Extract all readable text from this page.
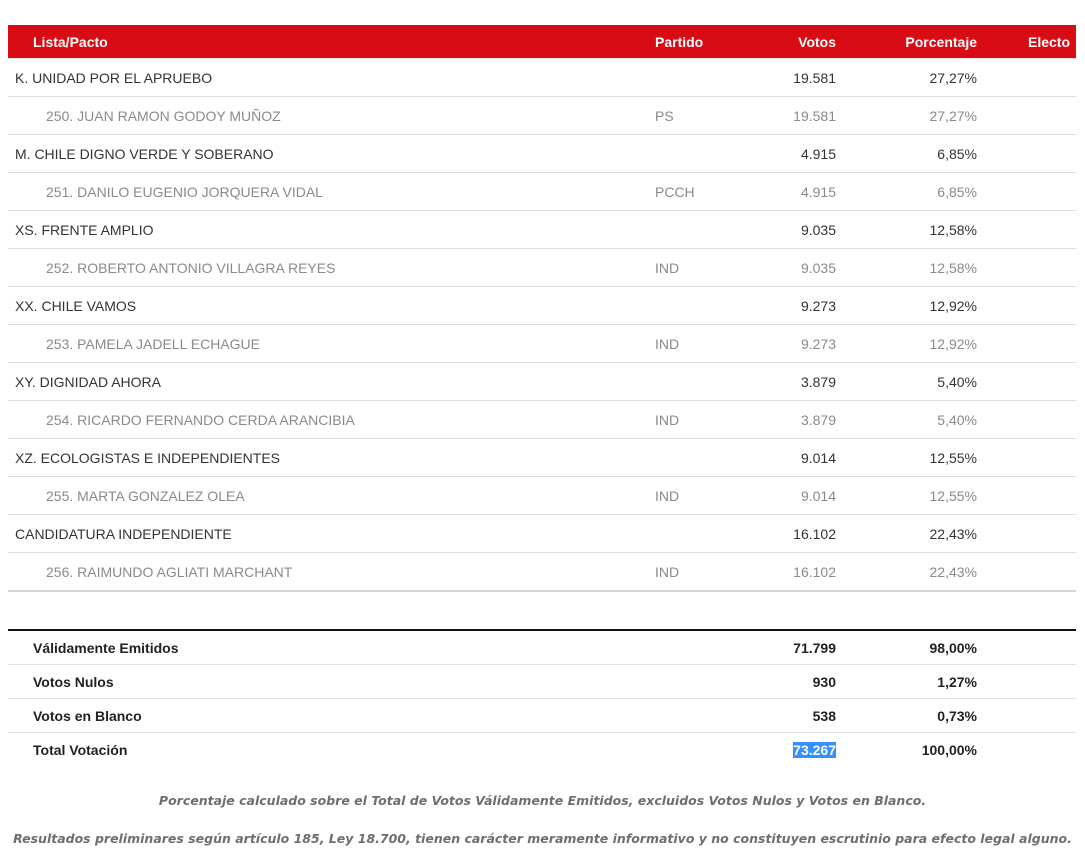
Lista/Pacto	Partido	Votos	Porcentaje	Electo
K. UNIDAD POR EL APRUEBO		19.581	27,27%	
250. JUAN RAMON GODOY MUÑOZ	PS	19.581	27,27%	
M. CHILE DIGNO VERDE Y SOBERANO		4.915	6,85%	
251. DANILO EUGENIO JORQUERA VIDAL	PCCH	4.915	6,85%	
XS. FRENTE AMPLIO		9.035	12,58%	
252. ROBERTO ANTONIO VILLAGRA REYES	IND	9.035	12,58%	
XX. CHILE VAMOS		9.273	12,92%	
253. PAMELA JADELL ECHAGUE	IND	9.273	12,92%	
XY. DIGNIDAD AHORA		3.879	5,40%	
254. RICARDO FERNANDO CERDA ARANCIBIA	IND	3.879	5,40%	
XZ. ECOLOGISTAS E INDEPENDIENTES		9.014	12,55%	
255. MARTA GONZALEZ OLEA	IND	9.014	12,55%	
CANDIDATURA INDEPENDIENTE		16.102	22,43%	
256. RAIMUNDO AGLIATI MARCHANT	IND	16.102	22,43%	
Válidamente Emitidos		71.799	98,00%	
Votos Nulos		930	1,27%	
Votos en Blanco		538	0,73%	
Total Votación		73.267	100,00%	
Porcentaje calculado sobre el Total de Votos Válidamente Emitidos, excluidos Votos Nulos y Votos en Blanco.
Resultados preliminares según artículo 185, Ley 18.700, tienen carácter meramente informativo y no constituyen escrutinio para efecto legal alguno.
